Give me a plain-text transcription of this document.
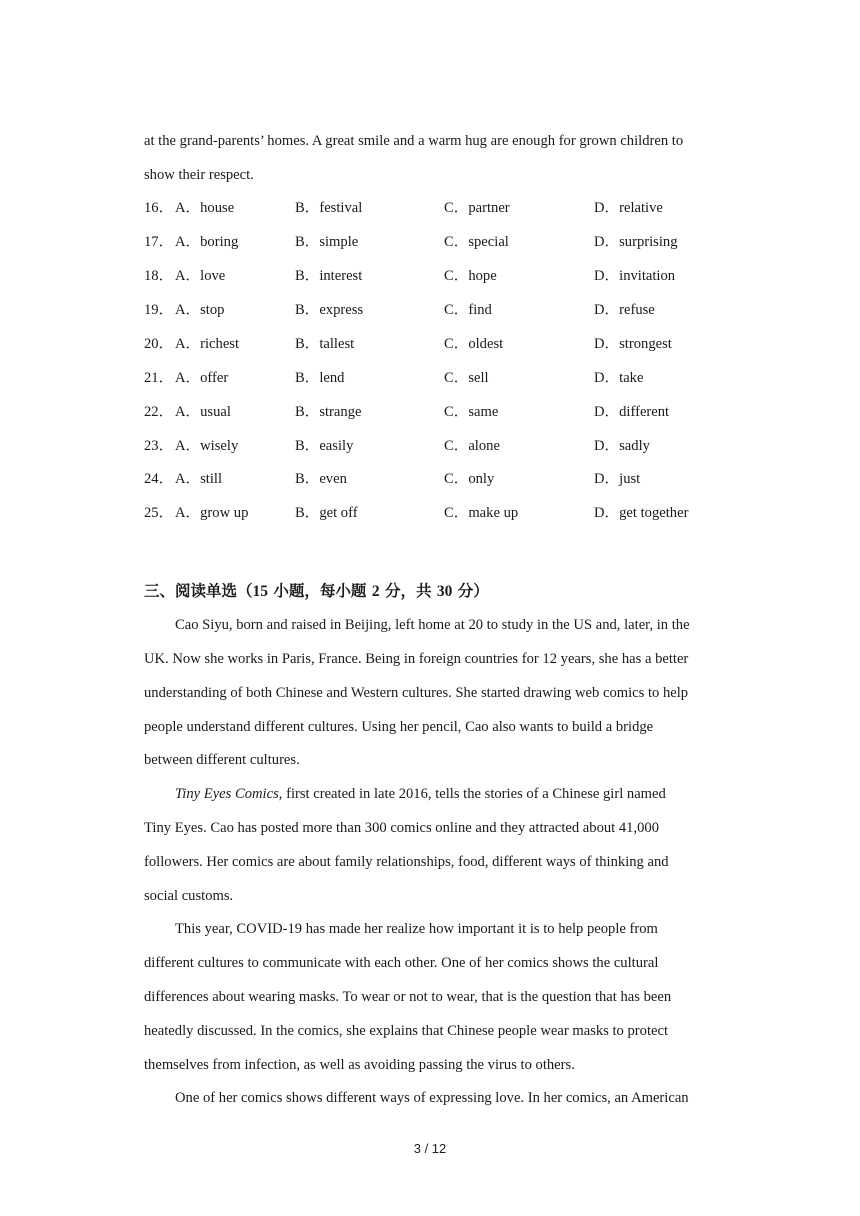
at the grand-parents’ homes. A great smile and a warm hug are enough for grown children to
show their respect.
16． A．house	B．festival	C．partner	D．relative
17． A．boring	B．simple	C．special	D．surprising
18． A．love	B．interest	C．hope	D．invitation
19． A．stop	B．express	C．find	D．refuse
20． A．richest	B．tallest	C．oldest	D．strongest
21． A．offer	B．lend	C．sell	D．take
22． A．usual	B．strange	C．same	D．different
23． A．wisely	B．easily	C．alone	D．sadly
24． A．still	B．even	C．only	D．just
25． A．grow up	B．get off	C．make up	D．get together
三、阅读单选（15 小题，每小题 2 分，共 30 分）
Cao Siyu, born and raised in Beijing, left home at 20 to study in the US and, later, in the
UK. Now she works in Paris, France. Being in foreign countries for 12 years, she has a better
understanding of both Chinese and Western cultures. She started drawing web comics to help
people understand different cultures. Using her pencil, Cao also wants to build a bridge
between different cultures.
Tiny Eyes Comics, first created in late 2016, tells the stories of a Chinese girl named
Tiny Eyes. Cao has posted more than 300 comics online and they attracted about 41,000
followers. Her comics are about family relationships, food, different ways of thinking and
social customs.
This year, COVID-19 has made her realize how important it is to help people from
different cultures to communicate with each other. One of her comics shows the cultural
differences about wearing masks. To wear or not to wear, that is the question that has been
heatedly discussed. In the comics, she explains that Chinese people wear masks to protect
themselves from infection, as well as avoiding passing the virus to others.
One of her comics shows different ways of expressing love. In her comics, an American
3 / 12
